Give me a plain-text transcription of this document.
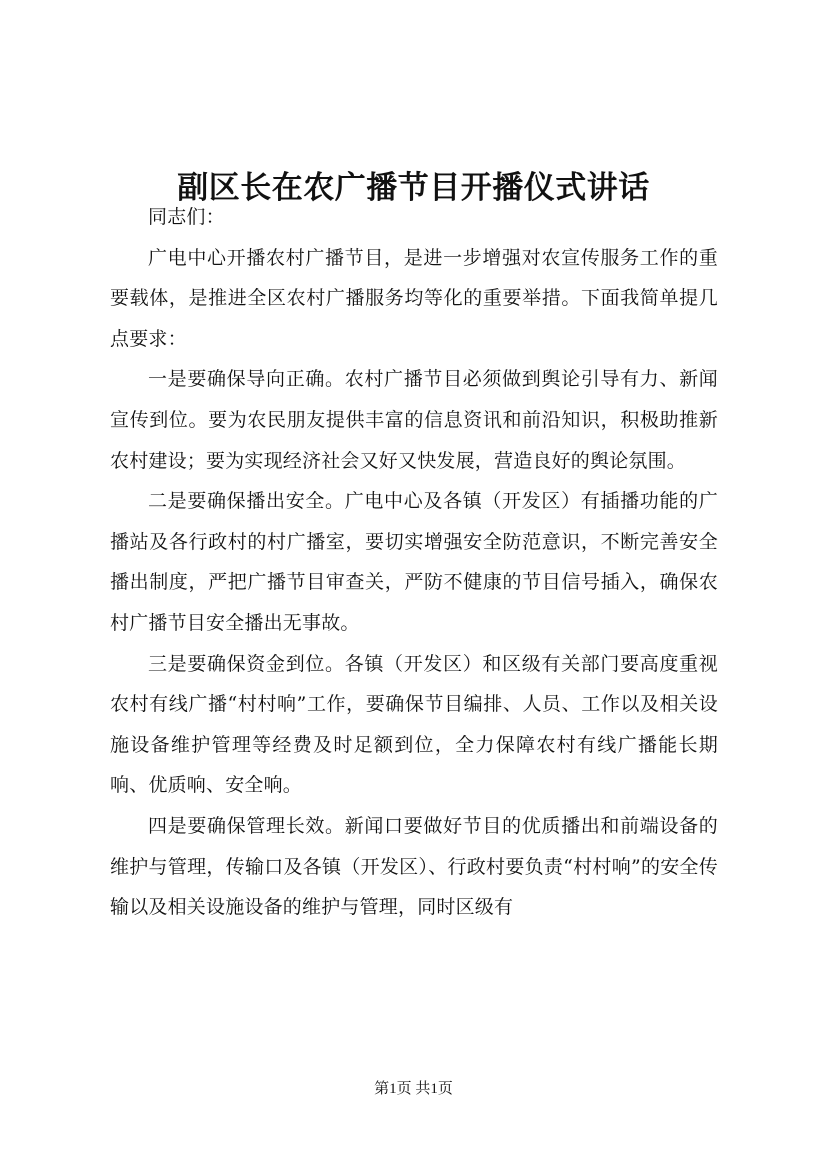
副区长在农广播节目开播仪式讲话

同志们：

广电中心开播农村广播节目，是进一步增强对农宣传服务工作的重要载体，是推进全区农村广播服务均等化的重要举措。下面我简单提几点要求：

一是要确保导向正确。农村广播节目必须做到舆论引导有力、新闻宣传到位。要为农民朋友提供丰富的信息资讯和前沿知识，积极助推新农村建设；要为实现经济社会又好又快发展，营造良好的舆论氛围。

二是要确保播出安全。广电中心及各镇（开发区）有插播功能的广播站及各行政村的村广播室，要切实增强安全防范意识，不断完善安全播出制度，严把广播节目审查关，严防不健康的节目信号插入，确保农村广播节目安全播出无事故。

三是要确保资金到位。各镇（开发区）和区级有关部门要高度重视农村有线广播“村村响”工作，要确保节目编排、人员、工作以及相关设施设备维护管理等经费及时足额到位，全力保障农村有线广播能长期响、优质响、安全响。

四是要确保管理长效。新闻口要做好节目的优质播出和前端设备的维护与管理，传输口及各镇（开发区）、行政村要负责“村村响”的安全传输以及相关设施设备的维护与管理，同时区级有

第1页 共1页
